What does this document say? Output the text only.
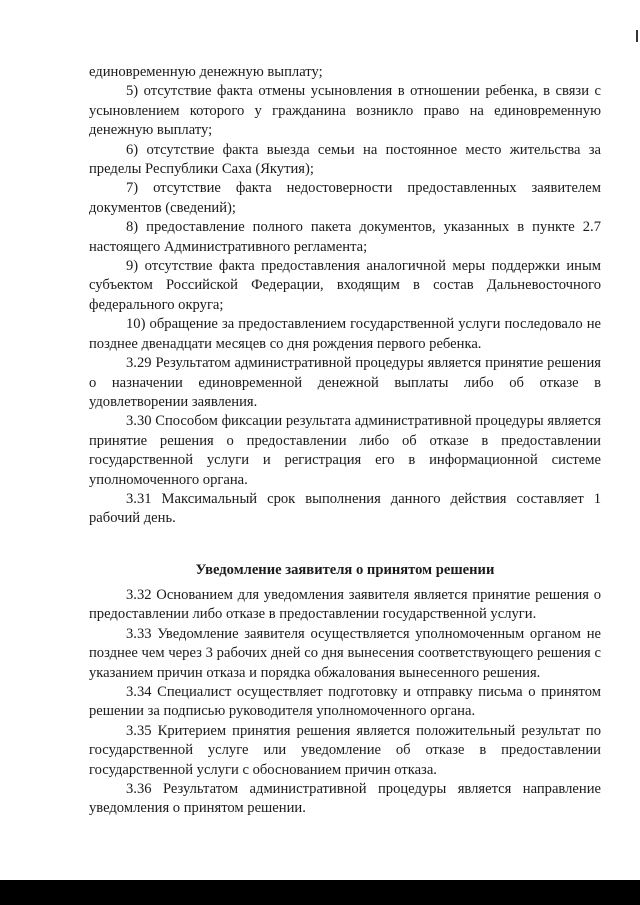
единовременную денежную выплату;

5) отсутствие факта отмены усыновления в отношении ребенка, в связи с усыновлением которого у гражданина возникло право на единовременную денежную выплату;

6) отсутствие факта выезда семьи на постоянное место жительства за пределы Республики Саха (Якутия);

7) отсутствие факта недостоверности предоставленных заявителем документов (сведений);

8) предоставление полного пакета документов, указанных в пункте 2.7 настоящего Административного регламента;

9) отсутствие факта предоставления аналогичной меры поддержки иным субъектом Российской Федерации, входящим в состав Дальневосточного федерального округа;

10) обращение за предоставлением государственной услуги последовало не позднее двенадцати месяцев со дня рождения первого ребенка.

3.29 Результатом административной процедуры является принятие решения о назначении единовременной денежной выплаты либо об отказе в удовлетворении заявления.

3.30 Способом фиксации результата административной процедуры является принятие решения о предоставлении либо об отказе в предоставлении государственной услуги и регистрация его в информационной системе уполномоченного органа.

3.31 Максимальный срок выполнения данного действия составляет 1 рабочий день.

Уведомление заявителя о принятом решении

3.32 Основанием для уведомления заявителя является принятие решения о предоставлении либо отказе в предоставлении государственной услуги.

3.33 Уведомление заявителя осуществляется уполномоченным органом не позднее чем через 3 рабочих дней со дня вынесения соответствующего решения с указанием причин отказа и порядка обжалования вынесенного решения.

3.34 Специалист осуществляет подготовку и отправку письма о принятом решении за подписью руководителя уполномоченного органа.

3.35 Критерием принятия решения является положительный результат по государственной услуге или уведомление об отказе в предоставлении государственной услуги с обоснованием причин отказа.

3.36 Результатом административной процедуры является направление уведомления о принятом решении.
